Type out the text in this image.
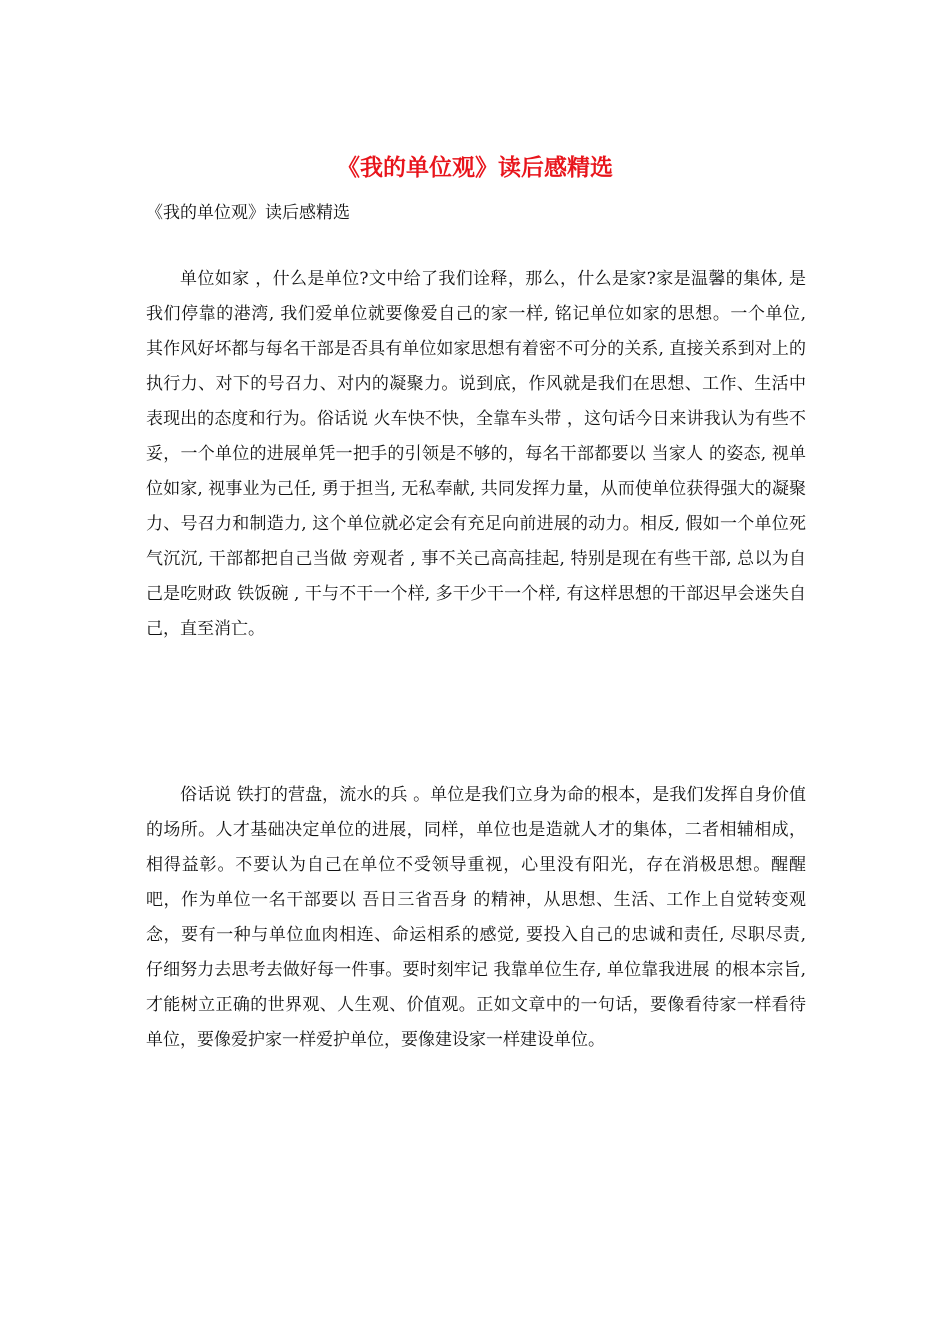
《我的单位观》读后感精选

《我的单位观》读后感精选

单位如家 ，什么是单位?文中给了我们诠释，那么，什么是家?家是温馨的集体, 是我们停靠的港湾, 我们爱单位就要像爱自己的家一样, 铭记单位如家的思想。一个单位, 其作风好坏都与每名干部是否具有单位如家思想有着密不可分的关系, 直接关系到对上的执行力、对下的号召力、对内的凝聚力。说到底，作风就是我们在思想、工作、生活中表现出的态度和行为。俗话说 火车快不快，全靠车头带 ，这句话今日来讲我认为有些不妥，一个单位的进展单凭一把手的引领是不够的，每名干部都要以 当家人 的姿态, 视单位如家, 视事业为己任, 勇于担当, 无私奉献, 共同发挥力量，从而使单位获得强大的凝聚力、号召力和制造力, 这个单位就必定会有充足向前进展的动力。相反, 假如一个单位死气沉沉, 干部都把自己当做 旁观者 , 事不关己高高挂起, 特别是现在有些干部, 总以为自己是吃财政 铁饭碗 , 干与不干一个样, 多干少干一个样, 有这样思想的干部迟早会迷失自己，直至消亡。

俗话说 铁打的营盘，流水的兵 。单位是我们立身为命的根本，是我们发挥自身价值的场所。人才基础决定单位的进展，同样，单位也是造就人才的集体，二者相辅相成，相得益彰。不要认为自己在单位不受领导重视，心里没有阳光，存在消极思想。醒醒吧，作为单位一名干部要以 吾日三省吾身 的精神，从思想、生活、工作上自觉转变观念，要有一种与单位血肉相连、命运相系的感觉, 要投入自己的忠诚和责任, 尽职尽责, 仔细努力去思考去做好每一件事。要时刻牢记 我靠单位生存, 单位靠我进展 的根本宗旨, 才能树立正确的世界观、人生观、价值观。正如文章中的一句话，要像看待家一样看待单位，要像爱护家一样爱护单位，要像建设家一样建设单位。
